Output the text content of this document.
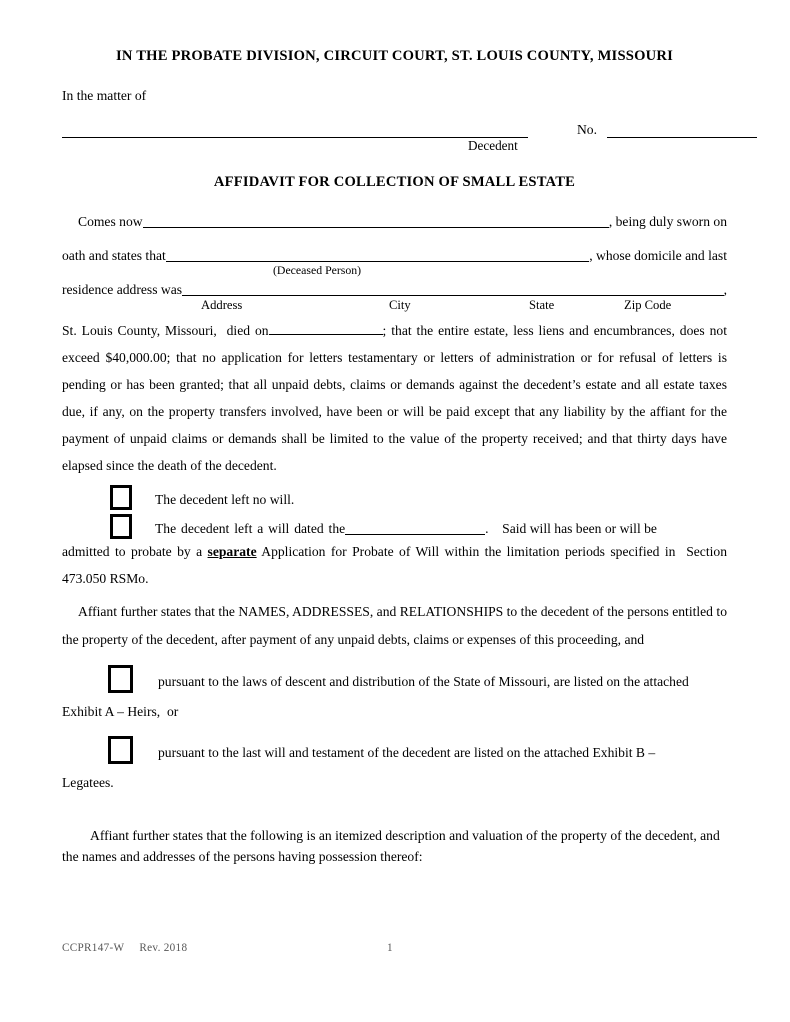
IN THE PROBATE DIVISION, CIRCUIT COURT, ST. LOUIS COUNTY, MISSOURI
In the matter of
No.
Decedent
AFFIDAVIT FOR COLLECTION OF SMALL ESTATE
Comes now	, being duly sworn on
oath and states that	, whose domicile and last
(Deceased Person)
residence address was	,
Address	City	State	Zip Code
St. Louis County, Missouri,  died on	; that the entire estate, less liens and encumbrances, does not exceed $40,000.00; that no application for letters testamentary or letters of administration or for refusal of letters is pending or has been granted; that all unpaid debts, claims or demands against the decedent’s estate and all estate taxes due, if any, on the property transfers involved, have been or will be paid except that any liability by the affiant for the payment of unpaid claims or demands shall be limited to the value of the property received; and that thirty days have elapsed since the death of the decedent.
The decedent left no will.
The decedent left a will dated the	.    Said will has been or will be
admitted to probate by a separate Application for Probate of Will within the limitation periods specified in  Section 473.050 RSMo.
Affiant further states that the NAMES, ADDRESSES, and RELATIONSHIPS to the decedent of the persons entitled to the property of the decedent, after payment of any unpaid debts, claims or expenses of this proceeding, and
pursuant to the laws of descent and distribution of the State of Missouri, are listed on the attached
Exhibit A – Heirs,  or
pursuant to the last will and testament of the decedent are listed on the attached Exhibit B –
Legatees.
Affiant further states that the following is an itemized description and valuation of the property of the decedent, and the names and addresses of the persons having possession thereof:
CCPR147-W Rev. 2018	1
